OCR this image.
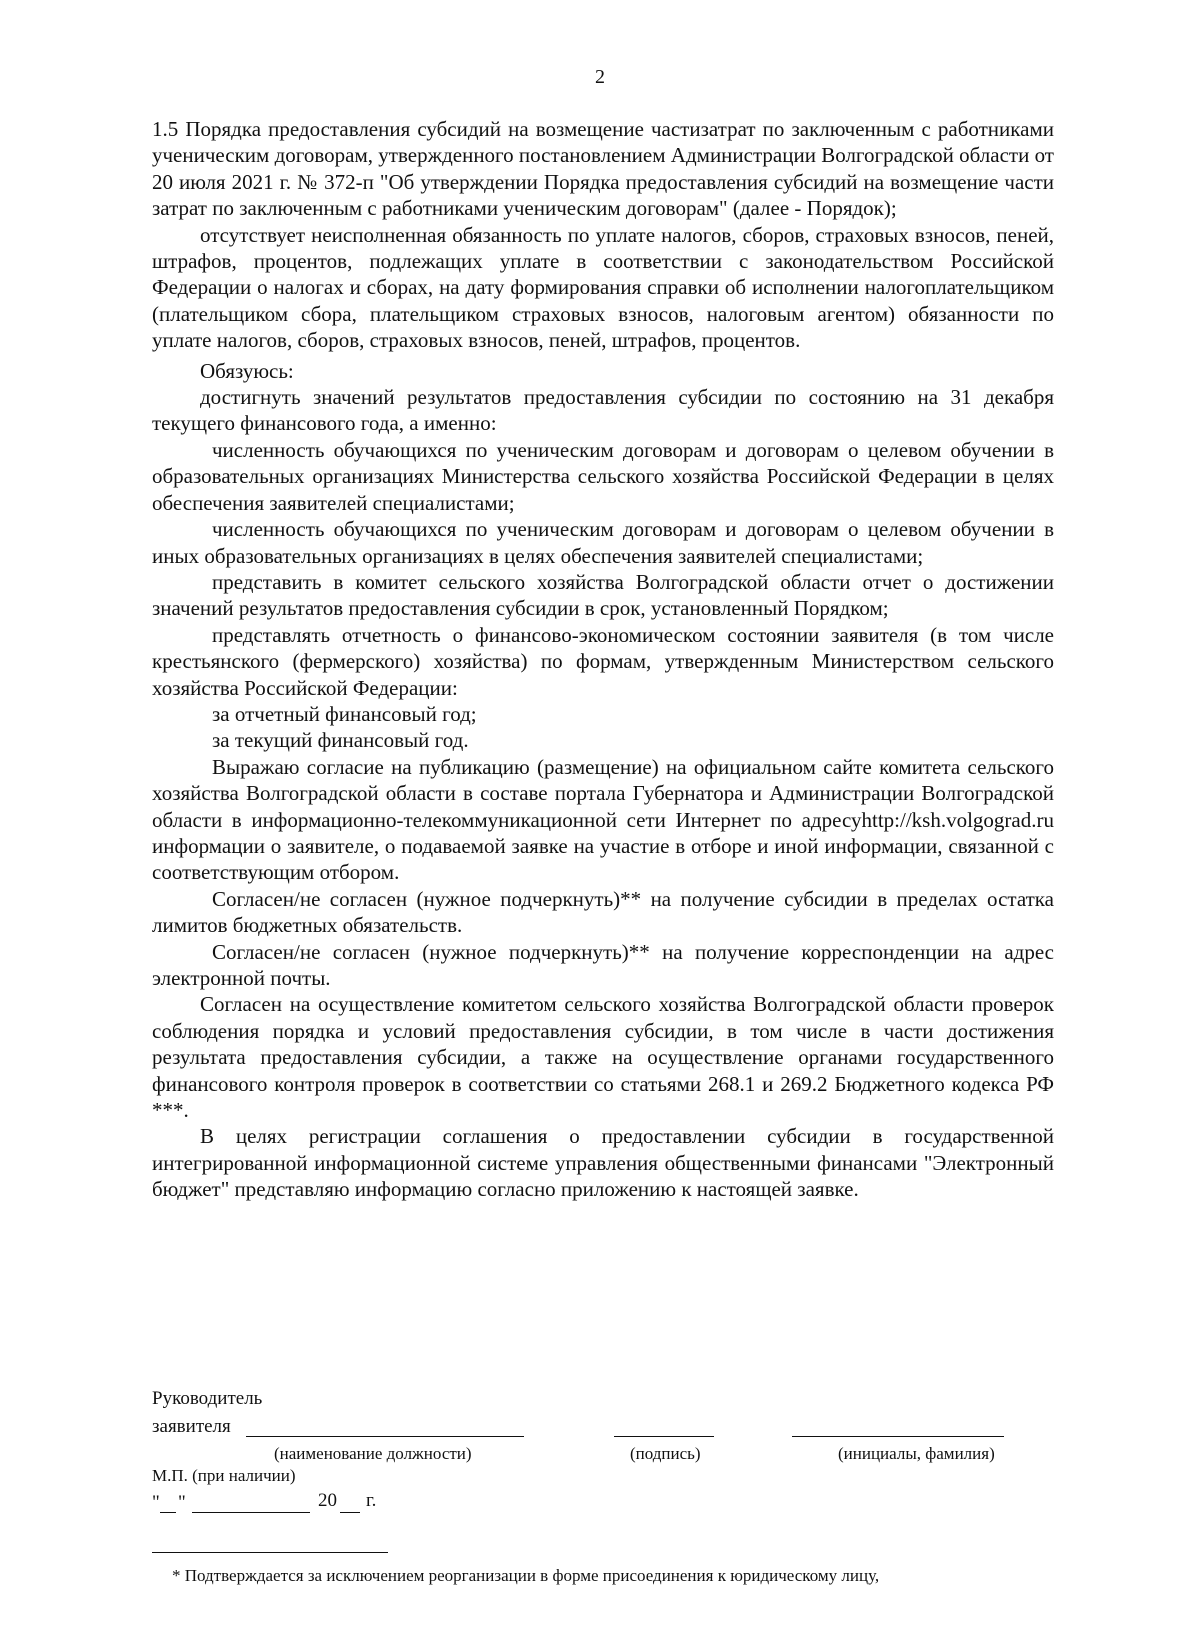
2

1.5 Порядка предоставления субсидий на возмещение частизатрат по заключенным с работниками ученическим договорам, утвержденного постановлением Администрации Волгоградской области от 20 июля 2021 г. № 372-п "Об утверждении Порядка предоставления субсидий на возмещение части затрат по заключенным с работниками ученическим договорам" (далее - Порядок);

отсутствует неисполненная обязанность по уплате налогов, сборов, страховых взносов, пеней, штрафов, процентов, подлежащих уплате в соответствии с законодательством Российской Федерации о налогах и сборах, на дату формирования справки об исполнении налогоплательщиком (плательщиком сбора, плательщиком страховых взносов, налоговым агентом) обязанности по уплате налогов, сборов, страховых взносов, пеней, штрафов, процентов.

Обязуюсь:

достигнуть значений результатов предоставления субсидии по состоянию на 31 декабря текущего финансового года, а именно:

численность обучающихся по ученическим договорам и договорам о целевом обучении в образовательных организациях Министерства сельского хозяйства Российской Федерации в целях обеспечения заявителей специалистами;

численность обучающихся по ученическим договорам и договорам о целевом обучении в иных образовательных организациях в целях обеспечения заявителей специалистами;

представить в комитет сельского хозяйства Волгоградской области отчет о достижении значений результатов предоставления субсидии в срок, установленный Порядком;

представлять отчетность о финансово-экономическом состоянии заявителя (в том числе крестьянского (фермерского) хозяйства) по формам, утвержденным Министерством сельского хозяйства Российской Федерации:

за отчетный финансовый год;

за текущий финансовый год.

Выражаю согласие на публикацию (размещение) на официальном сайте комитета сельского хозяйства Волгоградской области в составе портала Губернатора и Администрации Волгоградской области в информационно-телекоммуникационной сети Интернет по адресуhttp://ksh.volgograd.ru информации о заявителе, о подаваемой заявке на участие в отборе и иной информации, связанной с соответствующим отбором.

Согласен/не согласен (нужное подчеркнуть)** на получение субсидии в пределах остатка лимитов бюджетных обязательств.

Согласен/не согласен (нужное подчеркнуть)** на получение корреспонденции на адрес электронной почты.

Согласен на осуществление комитетом сельского хозяйства Волгоградской области проверок соблюдения порядка и условий предоставления субсидии, в том числе в части достижения результата предоставления субсидии, а также на осуществление органами государственного финансового контроля проверок в соответствии со статьями 268.1 и 269.2 Бюджетного кодекса РФ ***.

В целях регистрации соглашения о предоставлении субсидии в государственной интегрированной информационной системе управления общественными финансами "Электронный бюджет" представляю информацию согласно приложению к настоящей заявке.

Руководитель
заявителя
(наименование должности)	(подпись)	(инициалы, фамилия)
М.П. (при наличии)
" "	20 г.
* Подтверждается за исключением реорганизации в форме присоединения к юридическому лицу,
